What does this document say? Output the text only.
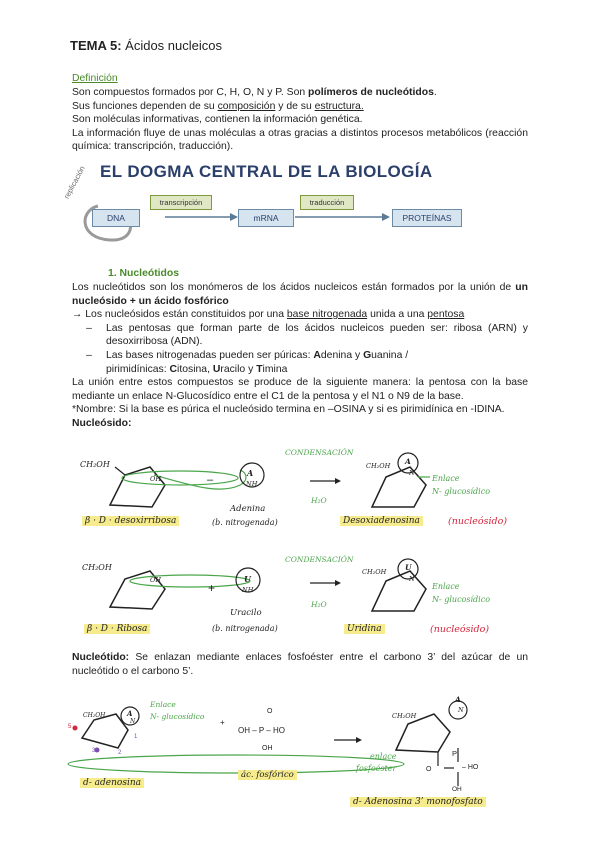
TEMA 5: Ácidos nucleicos
Definición
Son compuestos formados por C, H, O, N y P. Son polímeros de nucleótidos.
Sus funciones dependen de su composición y de su estructura.
Son moléculas informativas, contienen la información genética.
La información fluye de unas moléculas a otras gracias a distintos procesos metabólicos (reacción química: transcripción, traducción).
EL DOGMA CENTRAL DE LA BIOLOGÍA
replicación
DNA
transcripción
mRNA
traducción
PROTEÍNAS
1. Nucleótidos
Los nucleótidos son los monómeros de los ácidos nucleicos están formados por la unión de un nucleósido + un ácido fosfórico
→ Los nucleósidos están constituidos por una base nitrogenada unida a una pentosa
–	Las pentosas que forman parte de los ácidos nucleicos pueden ser: ribosa (ARN) y desoxirribosa (ADN).
–	Las bases nitrogenadas pueden ser púricas: Adenina y Guanina /
pirimidínicas: Citosina, Uracilo y Timina
La unión entre estos compuestos se produce de la siguiente manera: la pentosa con la base mediante un enlace N-Glucosídico entre el C1 de la pentosa y el N1 o N9 de la base.
*Nombre: Si la base es púrica el nucleósido termina en –OSINA y si es pirimidínica en -IDINA.
Nucleósido:
CH₂OH
OH	–
A
NH
CONDENSACIÓN
H₂O
CH₂OH A
N
Enlace
N- glucosídico
β · D · desoxirribosa
Adenina
(b. nitrogenada)	Desoxiadenosina	(nucleósido)
CH₂OH
OH
+
U
NH
CONDENSACIÓN
H₂O
CH₂OH	U
N
Enlace
N- glucosídico
β · D · Ribosa
Uracilo
(b. nitrogenada)	Uridina	(nucleósido)
Nucleótido: Se enlazan mediante enlaces fosfoéster entre el carbono 3’ del azúcar de un nucleótido o el carbono 5’.
CH₂OH	A
N
Enlace
N- glucosídico
5
1
3	2
+
O
OH – P – HO
OH
d- adenosina
ác. fosfórico
CH₂OH
A
N
enlace
fosfoéster	O
P
– HO
OH
d- Adenosina 3’ monofosfato
